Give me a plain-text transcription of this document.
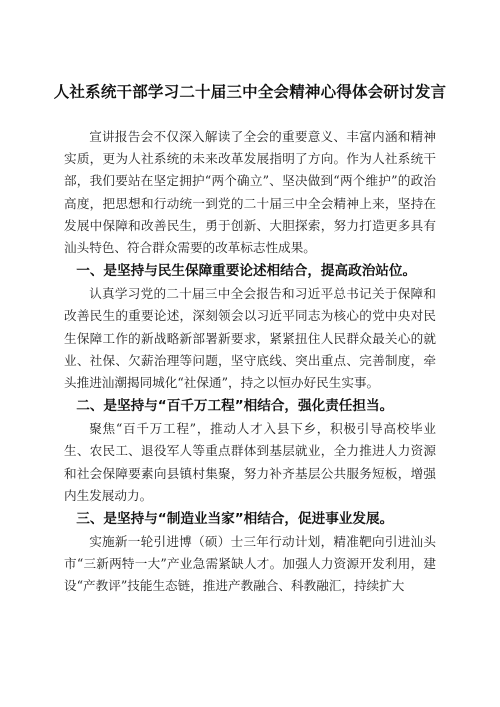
人社系统干部学习二十届三中全会精神心得体会研讨发言

宣讲报告会不仅深入解读了全会的重要意义、丰富内涵和精神实质，更为人社系统的未来改革发展指明了方向。作为人社系统干部，我们要站在坚定拥护“两个确立”、坚决做到“两个维护”的政治高度，把思想和行动统一到党的二十届三中全会精神上来，坚持在发展中保障和改善民生，勇于创新、大胆探索，努力打造更多具有汕头特色、符合群众需要的改革标志性成果。

一、是坚持与民生保障重要论述相结合，提高政治站位。

认真学习党的二十届三中全会报告和习近平总书记关于保障和改善民生的重要论述，深刻领会以习近平同志为核心的党中央对民生保障工作的新战略新部署新要求，紧紧扭住人民群众最关心的就业、社保、欠薪治理等问题，坚守底线、突出重点、完善制度，牵头推进汕潮揭同城化“社保通”，持之以恒办好民生实事。

二、是坚持与“百千万工程”相结合，强化责任担当。

聚焦“百千万工程”，推动人才入县下乡，积极引导高校毕业生、农民工、退役军人等重点群体到基层就业，全力推进人力资源和社会保障要素向县镇村集聚，努力补齐基层公共服务短板，增强内生发展动力。

三、是坚持与“制造业当家”相结合，促进事业发展。

实施新一轮引进博（硕）士三年行动计划，精准靶向引进汕头市“三新两特一大”产业急需紧缺人才。加强人力资源开发利用，建设“产教评”技能生态链，推进产教融合、科教融汇，持续扩大
